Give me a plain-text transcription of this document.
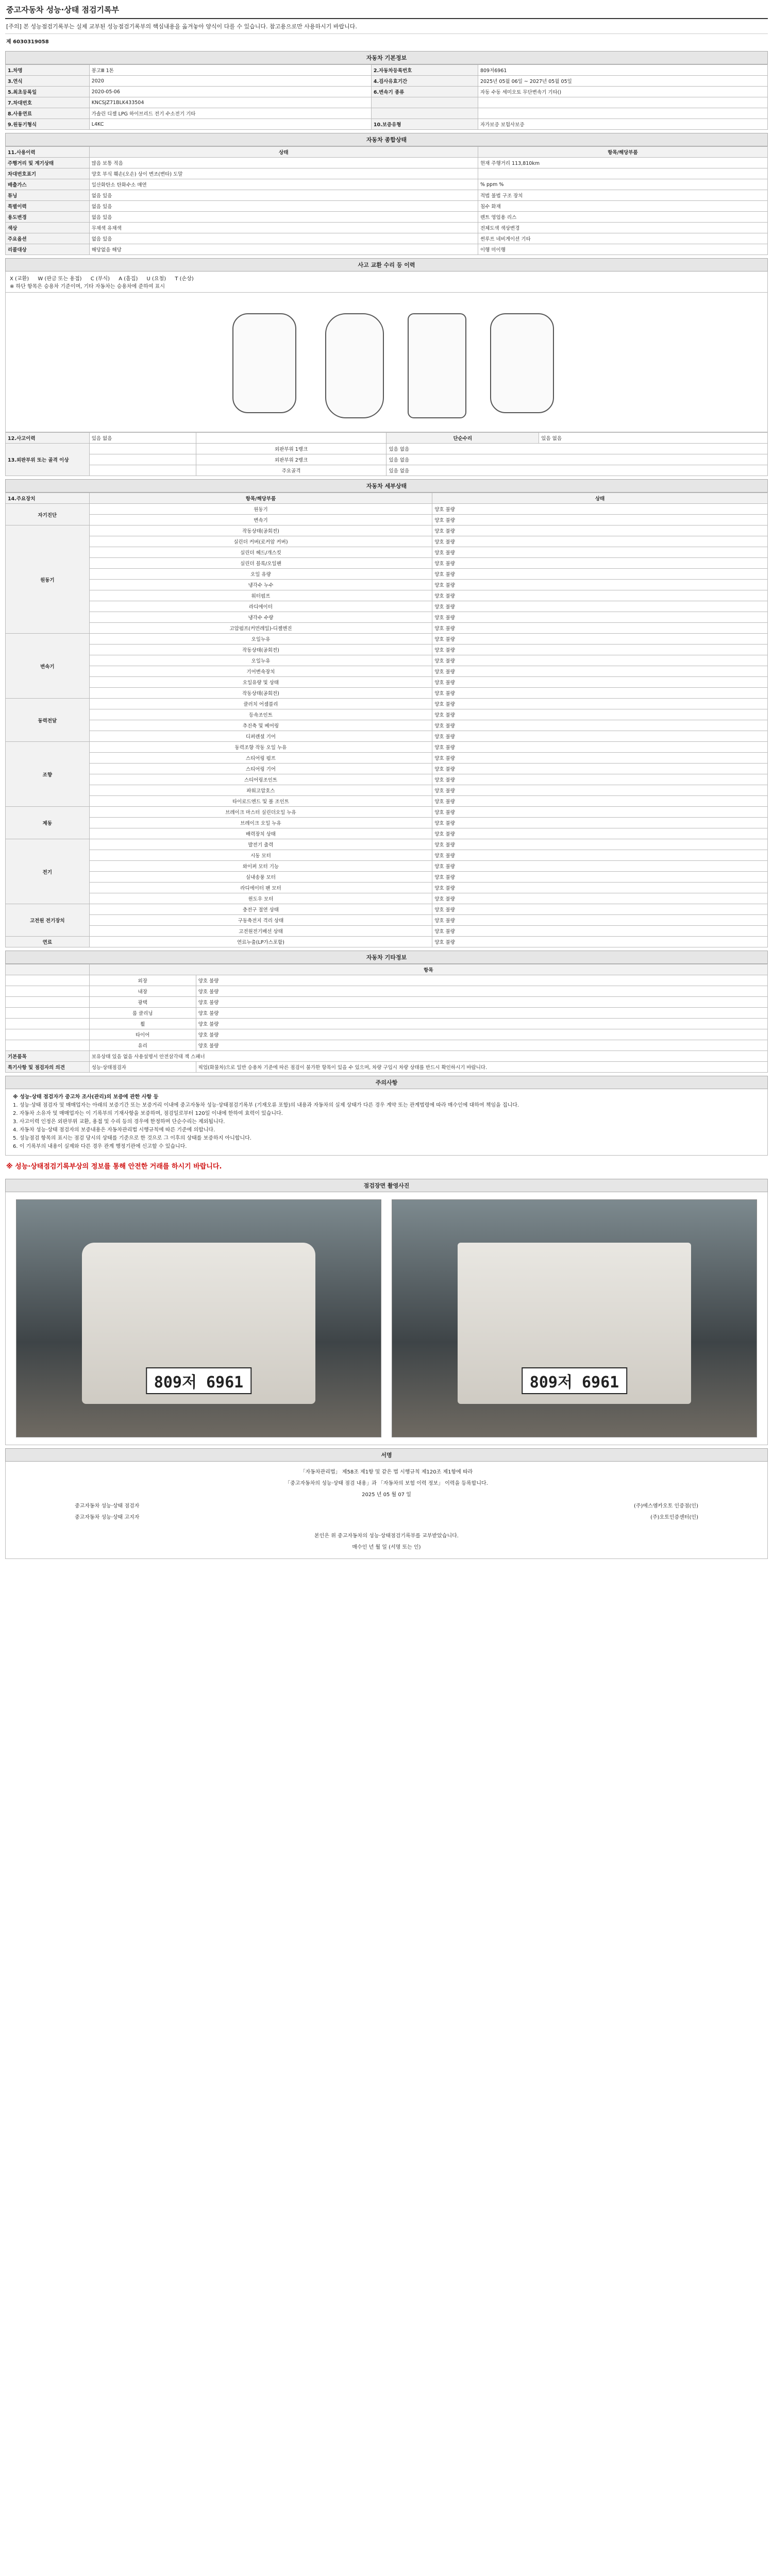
중고자동차 성능·상태 점검기록부
[주의] 본 성능점검기록부는 실제 교부된 성능점검기록부의 핵심내용을 옮겨놓아 양식이 다를 수 있습니다. 참고용으로만 사용하시기 바랍니다.
제 6030319058
자동차 기본정보
1.차명	봉고Ⅲ 1톤	2.자동차등록번호	809저6961
3.연식	2020	4.검사유효기간	2025년 05월 06일 ~ 2027년 05월 05일
5.최초등록일	2020-05-06	6.변속기 종류	자동 수동 세미오토 무단변속기 기타()
7.차대번호	KNCSJZ71BLK433504		
8.사용연료	가솔린 디젤 LPG 하이브리드 전기 수소전기 기타		
9.원동기형식	L4KC	10.보증유형	자가보증 보험사보증
자동차 종합상태
11.사용이력	상태	항목/해당부품
주행거리 및 계기상태	많음 보통 적음	현재 주행거리 113,810km
차대번호표기	양호 부식 훼손(오손) 상이 변조(변타) 도말	
배출가스	일산화탄소 탄화수소 매연	% ppm %
튜닝	없음 있음	적법 불법 구조 장치
특별이력	없음 있음	침수 화재
용도변경	없음 있음	렌트 영업용 리스
색상	무채색 유채색	전체도색 색상변경
주요옵션	없음 있음	썬루프 네비게이션 기타
리콜대상	해당없음 해당	이행 미이행
사고 교환 수리 등 이력
X (교환) W (판금 또는 용접) C (부식) A (흠집) U (요철) T (손상)
※ 하단 항목은 승용차 기준이며, 기타 자동차는 승용차에 준하여 표시
12.사고이력	있음 없음		단순수리	있음 없음
13.외판부위 또는 골격 이상		외판부위 1랭크	있음 없음	
		외판부위 2랭크	있음 없음	
		주요골격	있음 없음	
자동차 세부상태
14.주요장치	항목/해당부품	상태
자기진단	원동기	양호 불량
	변속기	양호 불량
원동기	작동상태(공회전)	양호 불량
	실린더 커버(로커암 커버)	양호 불량
	실린더 헤드/개스킷	양호 불량
	실린더 블록/오일팬	양호 불량
	오일 유량	양호 불량
	냉각수 누수	양호 불량
	워터펌프	양호 불량
	라디에이터	양호 불량
	냉각수 수량	양호 불량
	고압펌프(커먼레일)-디젤엔진	양호 불량
변속기	오일누유	양호 불량
	작동상태(공회전)	양호 불량
	오일누유	양호 불량
	기어변속장치	양호 불량
	오일유량 및 상태	양호 불량
	작동상태(공회전)	양호 불량
동력전달	클러치 어셈블리	양호 불량
	등속조인트	양호 불량
	추진축 및 베어링	양호 불량
	디퍼렌셜 기어	양호 불량
조향	동력조향 작동 오일 누유	양호 불량
	스티어링 펌프	양호 불량
	스티어링 기어	양호 불량
	스티어링조인트	양호 불량
	파워고압호스	양호 불량
	타이로드엔드 및 볼 조인트	양호 불량
제동	브레이크 마스터 실린더오일 누유	양호 불량
	브레이크 오일 누유	양호 불량
	배력장치 상태	양호 불량
전기	발전기 출력	양호 불량
	시동 모터	양호 불량
	와이퍼 모터 기능	양호 불량
	실내송풍 모터	양호 불량
	라디에이터 팬 모터	양호 불량
	윈도우 모터	양호 불량
고전원 전기장치	충전구 절연 상태	양호 불량
	구동축전지 격리 상태	양호 불량
	고전원전기배선 상태	양호 불량
연료	연료누출(LP가스포함)	양호 불량
자동차 기타정보
	항목	
	외장	양호 불량
	내장	양호 불량
	광택	양호 불량
	룸 클리닝	양호 불량
	휠	양호 불량
	타이어	양호 불량
	유리	양호 불량
기본품목	보유상태 있음 없음 사용설명서 안전삼각대 잭 스패너	
특기사항 및 점검자의 의견	성능·상태점검자	픽업(화물차)으로 일반 승용차 기준에 따른 점검이 불가한 항목이 있을 수 있으며, 차량 구입시 차량 상태를 반드시 확인하시기 바랍니다.
주의사항
※ 성능·상태 점검자가 중고차 조사(관리)의 보증에 관한 사항 등
1. 성능·상태 점검자 및 매매업자는 아래의 보증기간 또는 보증거리 이내에 중고자동차 성능·상태점검기록부 (기재오류 포함)의 내용과 자동차의 실제 상태가 다른 경우 계약 또는 관계법령에 따라 매수인에 대하여 책임을 집니다.
2. 자동차 소유자 및 매매업자는 이 기록부의 기재사항을 보증하며, 점검일로부터 120일 이내에 한하여 효력이 있습니다.
3. 사고이력 인정은 외판부위 교환, 용접 및 수리 등의 경우에 한정하며 단순수리는 제외됩니다.
4. 자동차 성능·상태 점검자의 보증내용은 자동차관리법 시행규칙에 따른 기준에 의합니다.
5. 성능점검 항목의 표시는 점검 당시의 상태를 기준으로 한 것으로 그 이후의 상태를 보증하지 아니합니다.
6. 이 기록부의 내용이 실제와 다른 경우 관계 행정기관에 신고할 수 있습니다.
※ 성능·상태점검기록부상의 정보를 통해 안전한 거래를 하시기 바랍니다.
점검장면 촬영사진
809저 6961	809저 6961
서명
「자동차관리법」 제58조 제1항 및 같은 법 시행규칙 제120조 제1항에 따라
「중고자동차의 성능·상태 점검 내용」과 「자동차의 보험 이력 정보」 이력을 등록합니다.
2025 년 05 월 07 일
중고자동차 성능·상태 점검자	(주)에스엠카오토 인증점(인)
중고자동차 성능·상태 고지자	(주)오토인증센터(인)
본인은 위 중고자동차의 성능·상태점검기록부를 교부받았습니다.
매수인 년 월 일 (서명 또는 인)
